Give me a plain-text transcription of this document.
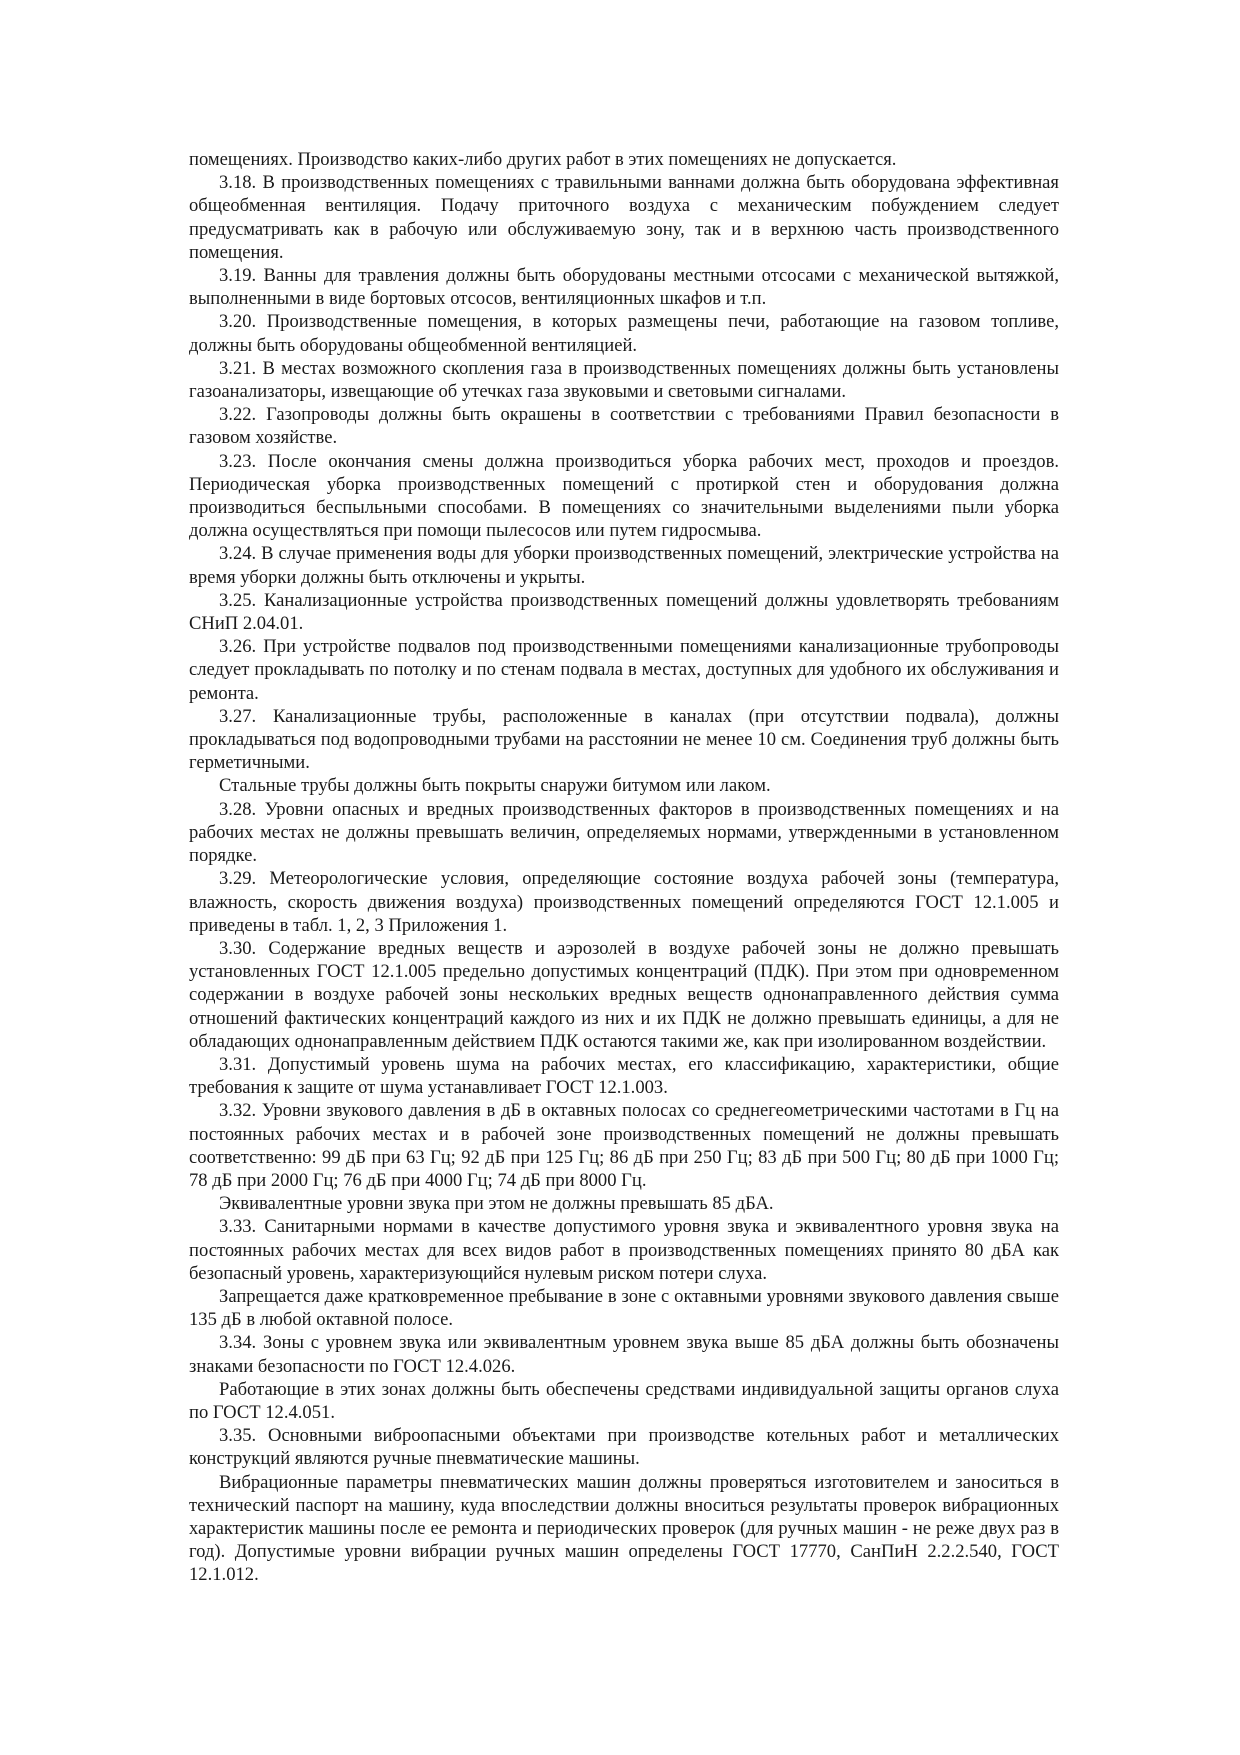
помещениях. Производство каких-либо других работ в этих помещениях не допускается.

3.18. В производственных помещениях с травильными ваннами должна быть оборудована эффективная общеобменная вентиляция. Подачу приточного воздуха с механическим побуждением следует предусматривать как в рабочую или обслуживаемую зону, так и в верхнюю часть производственного помещения.

3.19. Ванны для травления должны быть оборудованы местными отсосами с механической вытяжкой, выполненными в виде бортовых отсосов, вентиляционных шкафов и т.п.

3.20. Производственные помещения, в которых размещены печи, работающие на газовом топливе, должны быть оборудованы общеобменной вентиляцией.

3.21. В местах возможного скопления газа в производственных помещениях должны быть установлены газоанализаторы, извещающие об утечках газа звуковыми и световыми сигналами.

3.22. Газопроводы должны быть окрашены в соответствии с требованиями Правил безопасности в газовом хозяйстве.

3.23. После окончания смены должна производиться уборка рабочих мест, проходов и проездов. Периодическая уборка производственных помещений с протиркой стен и оборудования должна производиться беспыльными способами. В помещениях со значительными выделениями пыли уборка должна осуществляться при помощи пылесосов или путем гидросмыва.

3.24. В случае применения воды для уборки производственных помещений, электрические устройства на время уборки должны быть отключены и укрыты.

3.25. Канализационные устройства производственных помещений должны удовлетворять требованиям СНиП 2.04.01.

3.26. При устройстве подвалов под производственными помещениями канализационные трубопроводы следует прокладывать по потолку и по стенам подвала в местах, доступных для удобного их обслуживания и ремонта.

3.27. Канализационные трубы, расположенные в каналах (при отсутствии подвала), должны прокладываться под водопроводными трубами на расстоянии не менее 10 см. Соединения труб должны быть герметичными.

Стальные трубы должны быть покрыты снаружи битумом или лаком.

3.28. Уровни опасных и вредных производственных факторов в производственных помещениях и на рабочих местах не должны превышать величин, определяемых нормами, утвержденными в установленном порядке.

3.29. Метеорологические условия, определяющие состояние воздуха рабочей зоны (температура, влажность, скорость движения воздуха) производственных помещений определяются ГОСТ 12.1.005 и приведены в табл. 1, 2, 3 Приложения 1.

3.30. Содержание вредных веществ и аэрозолей в воздухе рабочей зоны не должно превышать установленных ГОСТ 12.1.005 предельно допустимых концентраций (ПДК). При этом при одновременном содержании в воздухе рабочей зоны нескольких вредных веществ однонаправленного действия сумма отношений фактических концентраций каждого из них и их ПДК не должно превышать единицы, а для не обладающих однонаправленным действием ПДК остаются такими же, как при изолированном воздействии.

3.31. Допустимый уровень шума на рабочих местах, его классификацию, характеристики, общие требования к защите от шума устанавливает ГОСТ 12.1.003.

3.32. Уровни звукового давления в дБ в октавных полосах со среднегеометрическими частотами в Гц на постоянных рабочих местах и в рабочей зоне производственных помещений не должны превышать соответственно: 99 дБ при 63 Гц; 92 дБ при 125 Гц; 86 дБ при 250 Гц; 83 дБ при 500 Гц; 80 дБ при 1000 Гц; 78 дБ при 2000 Гц; 76 дБ при 4000 Гц; 74 дБ при 8000 Гц.

Эквивалентные уровни звука при этом не должны превышать 85 дБА.

3.33. Санитарными нормами в качестве допустимого уровня звука и эквивалентного уровня звука на постоянных рабочих местах для всех видов работ в производственных помещениях принято 80 дБА как безопасный уровень, характеризующийся нулевым риском потери слуха.

Запрещается даже кратковременное пребывание в зоне с октавными уровнями звукового давления свыше 135 дБ в любой октавной полосе.

3.34. Зоны с уровнем звука или эквивалентным уровнем звука выше 85 дБА должны быть обозначены знаками безопасности по ГОСТ 12.4.026.

Работающие в этих зонах должны быть обеспечены средствами индивидуальной защиты органов слуха по ГОСТ 12.4.051.

3.35. Основными виброопасными объектами при производстве котельных работ и металлических конструкций являются ручные пневматические машины.

Вибрационные параметры пневматических машин должны проверяться изготовителем и заноситься в технический паспорт на машину, куда впоследствии должны вноситься результаты проверок вибрационных характеристик машины после ее ремонта и периодических проверок (для ручных машин - не реже двух раз в год). Допустимые уровни вибрации ручных машин определены ГОСТ 17770, СанПиН 2.2.2.540, ГОСТ 12.1.012.
